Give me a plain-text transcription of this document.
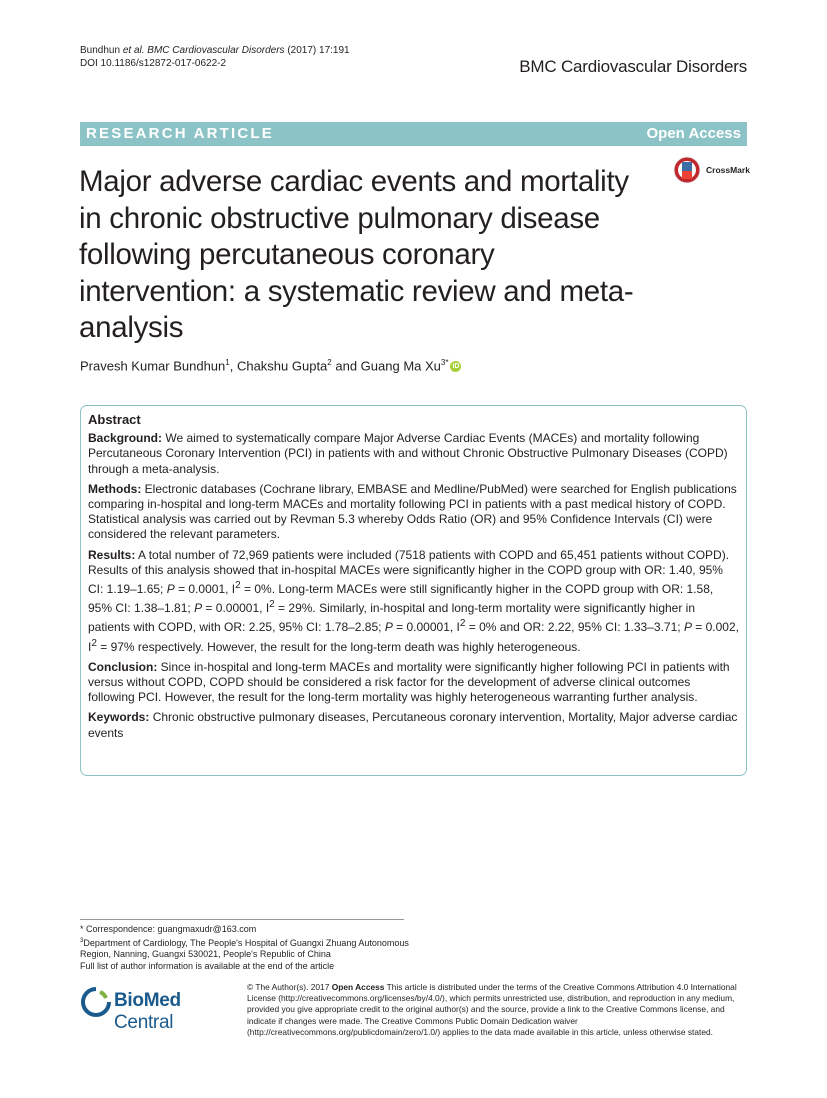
Bundhun et al. BMC Cardiovascular Disorders (2017) 17:191
DOI 10.1186/s12872-017-0622-2	BMC Cardiovascular Disorders
RESEARCH ARTICLE	Open Access
Major adverse cardiac events and mortality in chronic obstructive pulmonary disease following percutaneous coronary intervention: a systematic review and meta-analysis
CrossMark
Pravesh Kumar Bundhun$^1$, Chakshu Gupta$^2$ and Guang Ma $Xu^{3*}$ iD
Abstract

Background: We aimed to systematically compare Major Adverse Cardiac Events (MACEs) and mortality following Percutaneous Coronary Intervention (PCI) in patients with and without Chronic Obstructive Pulmonary Diseases (COPD) through a meta-analysis.

Methods: Electronic databases (Cochrane library, EMBASE and Medline/PubMed) were searched for English publications comparing in-hospital and long-term MACEs and mortality following PCI in patients with a past medical history of COPD. Statistical analysis was carried out by Revman 5.3 whereby Odds Ratio (OR) and 95% Confidence Intervals (CI) were considered the relevant parameters.

Results: A total number of 72,969 patients were included (7518 patients with COPD and 65,451 patients without COPD). Results of this analysis showed that in-hospital MACEs were significantly higher in the COPD group with OR: 1.40, 95% CI: 1.19–1.65; P = 0.0001, $I^2 = 0\%$. Long-term MACEs were still significantly higher in the COPD group with OR: 1.58, 95% CI: 1.38–1.81; P = 0.00001, $I^2 = 29\%$. Similarly, in-hospital and long-term mortality were significantly higher in patients with COPD, with OR: 2.25, 95% CI: 1.78–2.85; P = 0.00001, $I^2 = 0\%$ and OR: 2.22, 95% CI: 1.33–3.71; P = 0.002, $I^2 = 97\%$ respectively. However, the result for the long-term death was highly heterogeneous.

Conclusion: Since in-hospital and long-term MACEs and mortality were significantly higher following PCI in patients with versus without COPD, COPD should be considered a risk factor for the development of adverse clinical outcomes following PCI. However, the result for the long-term mortality was highly heterogeneous warranting further analysis.

Keywords: Chronic obstructive pulmonary diseases, Percutaneous coronary intervention, Mortality, Major adverse cardiac events

* Correspondence: guangmaxudr@163.com
$^3$Department of Cardiology, The People's Hospital of Guangxi Zhuang Autonomous Region, Nanning, Guangxi 530021, People's Republic of China
Full list of author information is available at the end of the article
BioMed Central
© The Author(s). 2017 Open Access This article is distributed under the terms of the Creative Commons Attribution 4.0 International License (http://creativecommons.org/licenses/by/4.0/), which permits unrestricted use, distribution, and reproduction in any medium, provided you give appropriate credit to the original author(s) and the source, provide a link to the Creative Commons license, and indicate if changes were made. The Creative Commons Public Domain Dedication waiver (http://creativecommons.org/publicdomain/zero/1.0/) applies to the data made available in this article, unless otherwise stated.
